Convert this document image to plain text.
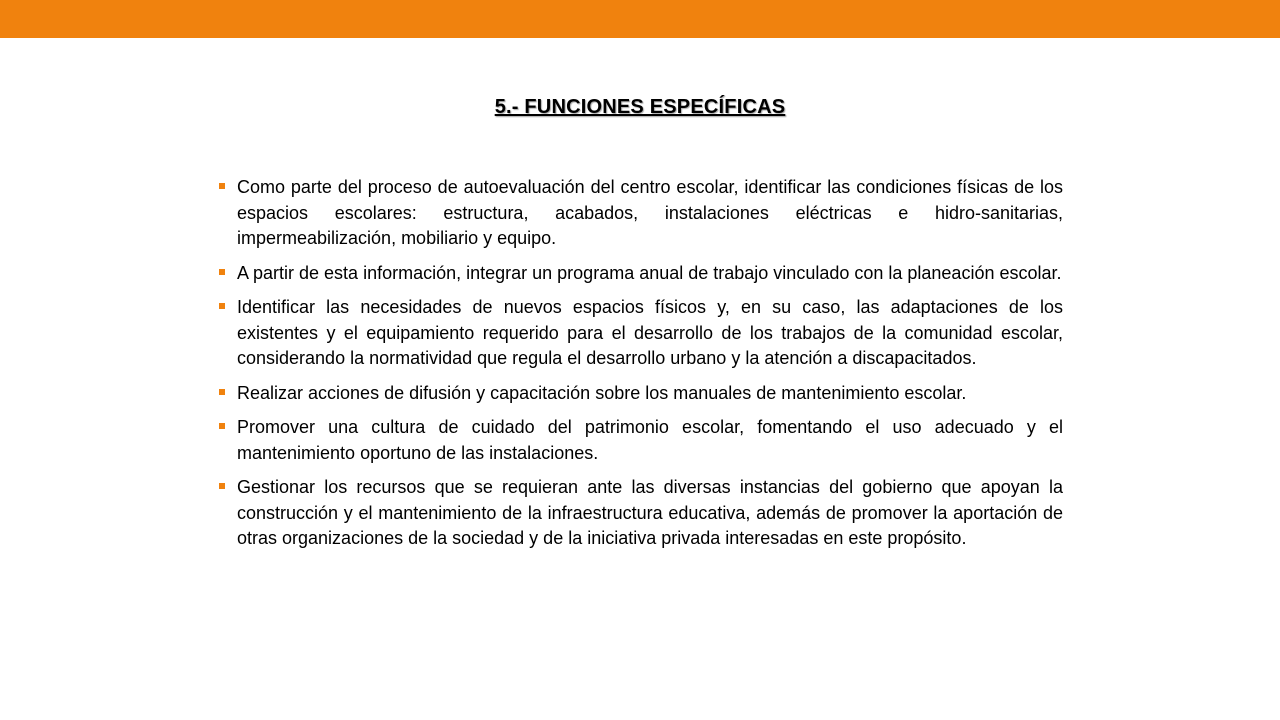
5.- FUNCIONES ESPECÍFICAS
Como parte del proceso de autoevaluación del centro escolar, identificar las condiciones físicas de los espacios escolares: estructura, acabados, instalaciones eléctricas e hidro-sanitarias, impermeabilización, mobiliario y equipo.
A partir de esta información, integrar un programa anual de trabajo vinculado con la planeación escolar.
Identificar las necesidades de nuevos espacios físicos y, en su caso, las adaptaciones de los existentes y el equipamiento requerido para el desarrollo de los trabajos de la comunidad escolar, considerando la normatividad que regula el desarrollo urbano y la atención a discapacitados.
Realizar acciones de difusión y capacitación sobre los manuales de mantenimiento escolar.
Promover una cultura de cuidado del patrimonio escolar, fomentando el uso adecuado y el mantenimiento oportuno de las instalaciones.
Gestionar los recursos que se requieran ante las diversas instancias del gobierno que apoyan la construcción y el mantenimiento de la infraestructura educativa, además de promover la aportación de otras organizaciones de la sociedad y de la iniciativa privada interesadas en este propósito.
